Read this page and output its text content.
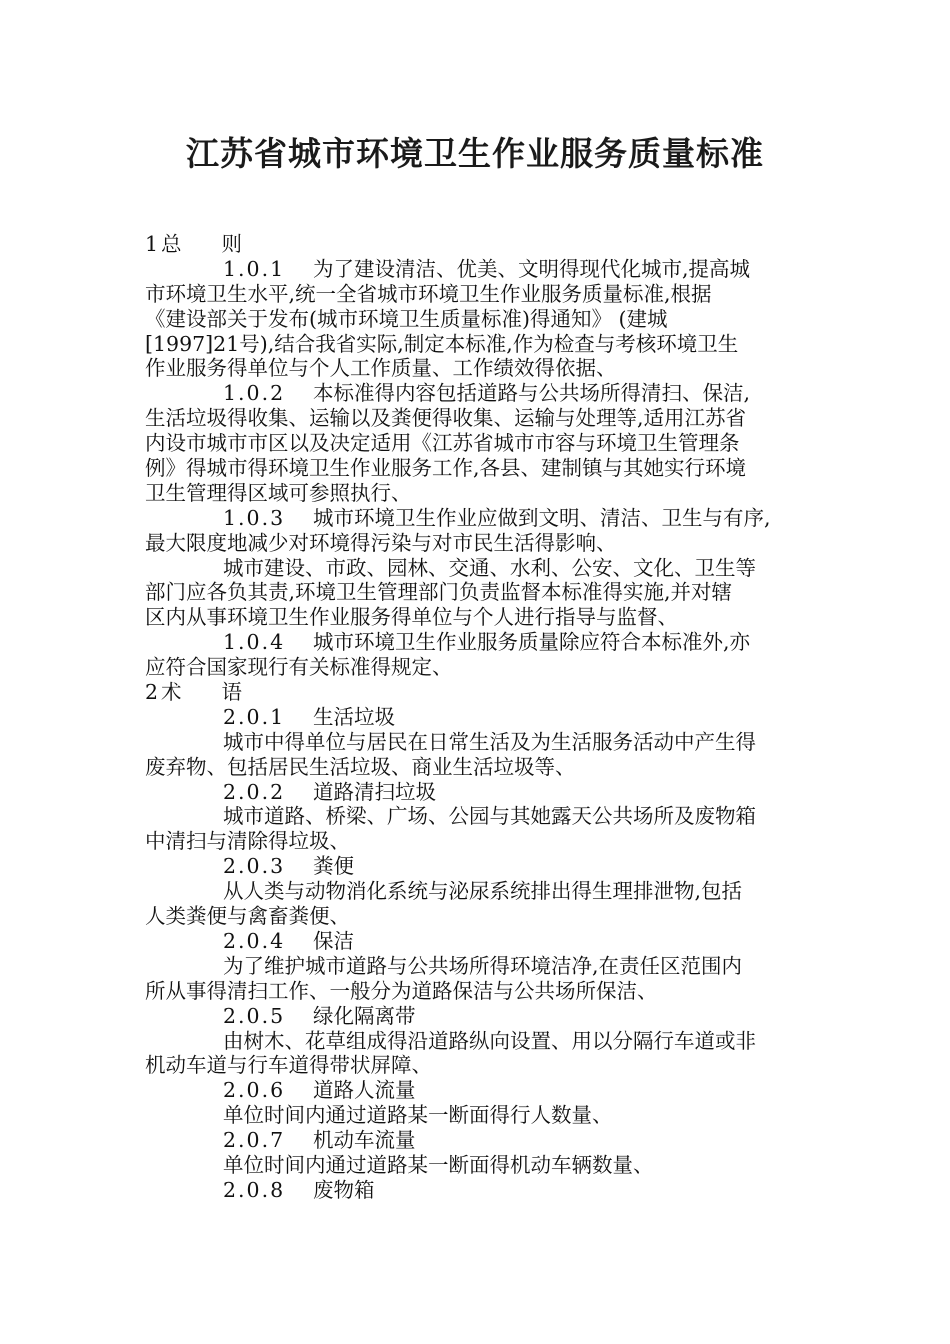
江苏省城市环境卫生作业服务质量标准
1 总则
1.0.1 为了建设清洁、优美、文明得现代化城市,提高城
市环境卫生水平,统一全省城市环境卫生作业服务质量标准,根据
《建设部关于发布(城市环境卫生质量标准)得通知》 (建城
[1997]21号),结合我省实际,制定本标准,作为检查与考核环境卫生
作业服务得单位与个人工作质量、工作绩效得依据、
1.0.2 本标准得内容包括道路与公共场所得清扫、保洁,
生活垃圾得收集、运输以及粪便得收集、运输与处理等,适用江苏省
内设市城市市区以及决定适用《江苏省城市市容与环境卫生管理条
例》得城市得环境卫生作业服务工作,各县、建制镇与其她实行环境
卫生管理得区域可参照执行、
1.0.3 城市环境卫生作业应做到文明、清洁、卫生与有序,
最大限度地减少对环境得污染与对市民生活得影响、
城市建设、市政、园林、交通、水利、公安、文化、卫生等
部门应各负其责,环境卫生管理部门负责监督本标准得实施,并对辖
区内从事环境卫生作业服务得单位与个人进行指导与监督、
1.0.4 城市环境卫生作业服务质量除应符合本标准外,亦
应符合国家现行有关标准得规定、
2 术语
2.0.1 生活垃圾
城市中得单位与居民在日常生活及为生活服务活动中产生得
废弃物、包括居民生活垃圾、商业生活垃圾等、
2.0.2 道路清扫垃圾
城市道路、桥梁、广场、公园与其她露天公共场所及废物箱
中清扫与清除得垃圾、
2.0.3 粪便
从人类与动物消化系统与泌尿系统排出得生理排泄物,包括
人类粪便与禽畜粪便、
2.0.4 保洁
为了维护城市道路与公共场所得环境洁净,在责任区范围内
所从事得清扫工作、一般分为道路保洁与公共场所保洁、
2.0.5 绿化隔离带
由树木、花草组成得沿道路纵向设置、用以分隔行车道或非
机动车道与行车道得带状屏障、
2.0.6 道路人流量
单位时间内通过道路某一断面得行人数量、
2.0.7 机动车流量
单位时间内通过道路某一断面得机动车辆数量、
2.0.8 废物箱
